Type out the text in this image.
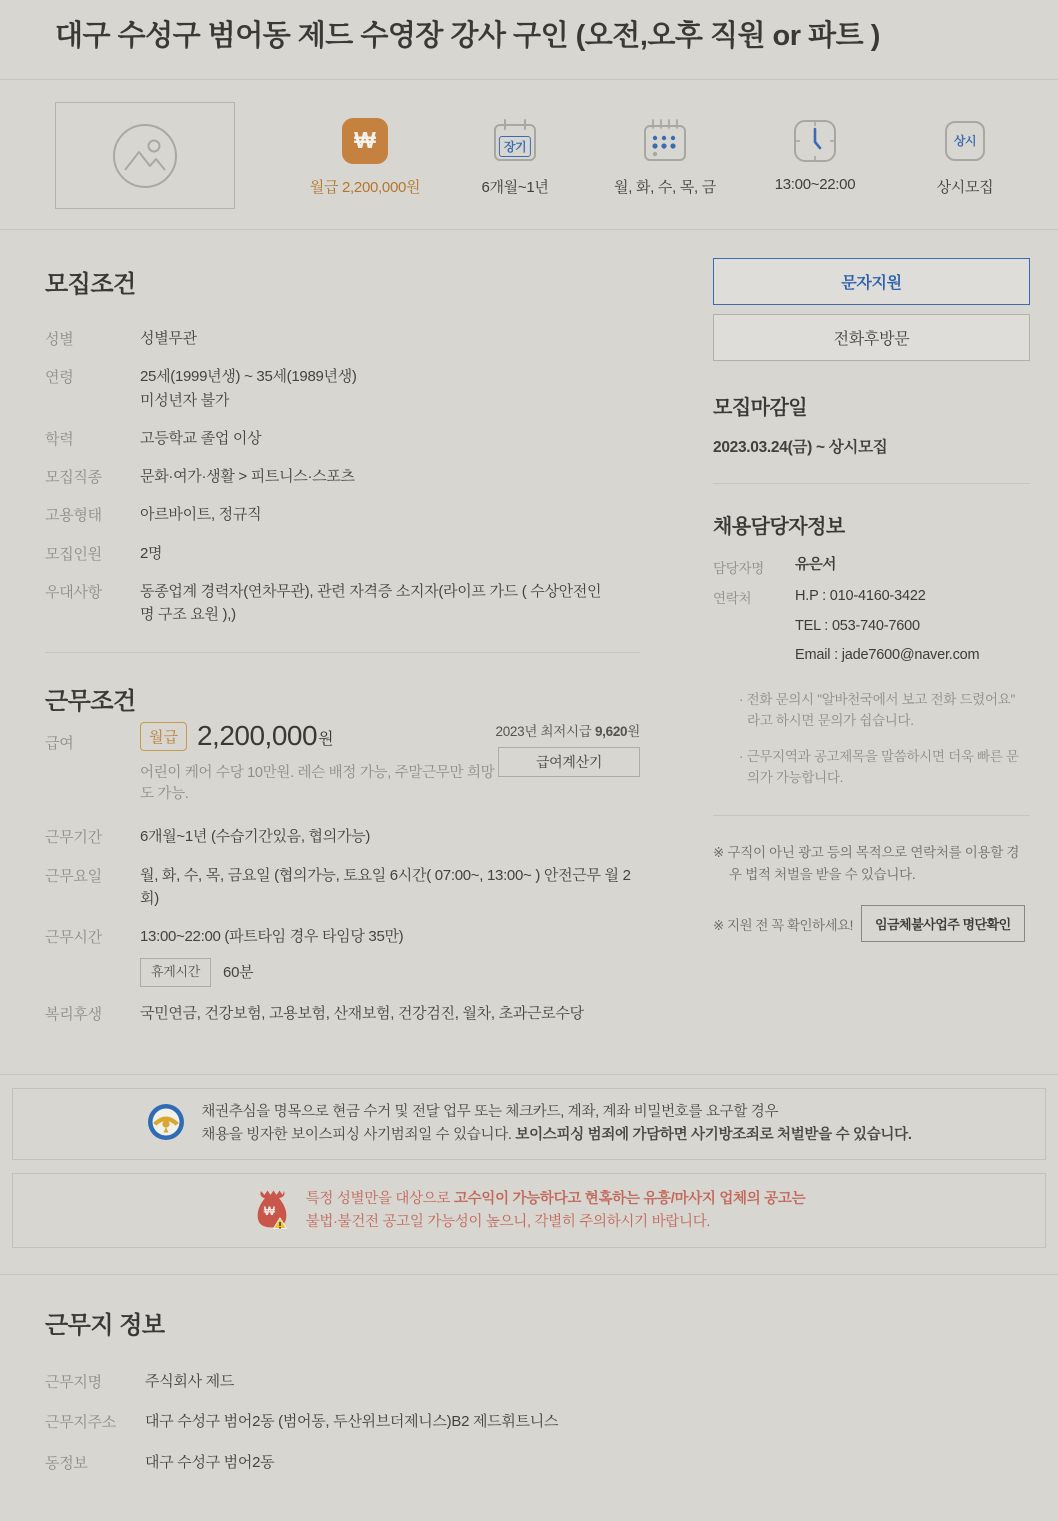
대구 수성구 범어동 제드 수영장 강사 구인 (오전,오후 직원 or 파트 )
₩
월급 2,200,000원
장기
6개월~1년	월, 화, 수, 목, 금	13:00~22:00
상시
상시모집
모집조건
성별	성별무관
연령	25세(1999년생) ~ 35세(1989년생)
미성년자 불가
학력	고등학교 졸업 이상
모집직종	문화·여가·생활 > 피트니스·스포츠
고용형태	아르바이트, 정규직
모집인원	2명
우대사항	동종업계 경력자(연차무관), 관련 자격증 소지자(라이프 가드 ( 수상안전인명 구조 요원 ),)
근무조건
급여	월급 2,200,000 원
어린이 케어 수당 10만원. 레슨 배정 가능, 주말근무만 희망도 가능.
2023년 최저시급 9,620원
급여계산기
근무기간	6개월~1년 (수습기간있음, 협의가능)
근무요일	월, 화, 수, 목, 금요일 (협의가능, 토요일 6시간( 07:00~, 13:00~ ) 안전근무 월 2회)
근무시간	13:00~22:00 (파트타임 경우 타임당 35만)
휴게시간	60분
복리후생	국민연금, 건강보험, 고용보험, 산재보험, 건강검진, 월차, 초과근로수당
문자지원
전화후방문
모집마감일
2023.03.24(금) ~ 상시모집
채용담당자정보
담당자명	유은서
연락처	H.P : 010-4160-3422
TEL : 053-740-7600
Email : jade7600@naver.com
· 전화 문의시 "알바천국에서 보고 전화 드렸어요" 라고 하시면 문의가 쉽습니다.
· 근무지역과 공고제목을 말씀하시면 더욱 빠른 문의가 가능합니다.
※ 구직이 아닌 광고 등의 목적으로 연락처를 이용할 경우 법적 처벌을 받을 수 있습니다.
※ 지원 전 꼭 확인하세요!	임금체불사업주 명단확인
채권추심을 명목으로 현금 수거 및 전달 업무 또는 체크카드, 계좌, 계좌 비밀번호를 요구할 경우
채용을 빙자한 보이스피싱 사기범죄일 수 있습니다. 보이스피싱 범죄에 가담하면 사기방조죄로 처벌받을 수 있습니다.
₩
특정 성별만을 대상으로 고수익이 가능하다고 현혹하는 유흥/마사지 업체의 공고는
불법·불건전 공고일 가능성이 높으니, 각별히 주의하시기 바랍니다.
근무지 정보
근무지명	주식회사 제드
근무지주소	대구 수성구 범어2동 (범어동, 두산위브더제니스)B2 제드휘트니스
동정보	대구 수성구 범어2동
